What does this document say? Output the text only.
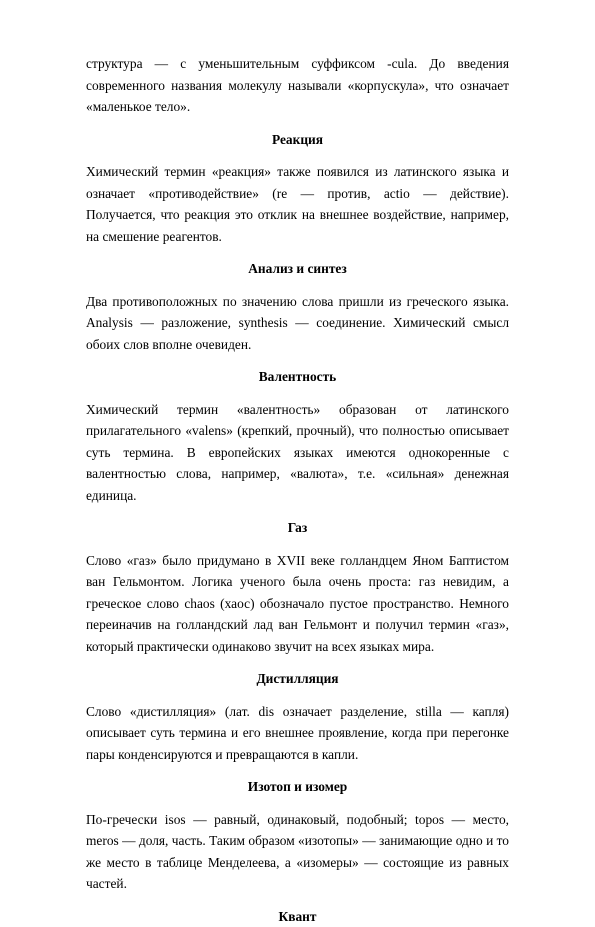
структура — с уменьшительным суффиксом -cula. До введения современного названия молекулу называли «корпускула», что означает «маленькое тело».

Реакция

Химический термин «реакция» также появился из латинского языка и означает «противодействие» (re — против, actio — действие). Получается, что реакция это отклик на внешнее воздействие, например, на смешение реагентов.

Анализ и синтез

Два противоположных по значению слова пришли из греческого языка. Analysis — разложение, synthesis — соединение. Химический смысл обоих слов вполне очевиден.

Валентность

Химический термин «валентность» образован от латинского прилагательного «valens» (крепкий, прочный), что полностью описывает суть термина. В европейских языках имеются однокоренные с валентностью слова, например, «валюта», т.е. «сильная» денежная единица.

Газ

Слово «газ» было придумано в XVII веке голландцем Яном Баптистом ван Гельмонтом. Логика ученого была очень проста: газ невидим, а греческое слово chaos (хаос) обозначало пустое пространство. Немного переиначив на голландский лад ван Гельмонт и получил термин «газ», который практически одинаково звучит на всех языках мира.

Дистилляция

Слово «дистилляция» (лат. dis означает разделение, stilla — капля) описывает суть термина и его внешнее проявление, когда при перегонке пары конденсируются и превращаются в капли.

Изотоп и изомер

По-гречески isos — равный, одинаковый, подобный; topos — место, meros — доля, часть. Таким образом «изотопы» — занимающие одно и то же место в таблице Менделеева, а «изомеры» — состоящие из равных частей.

Квант
